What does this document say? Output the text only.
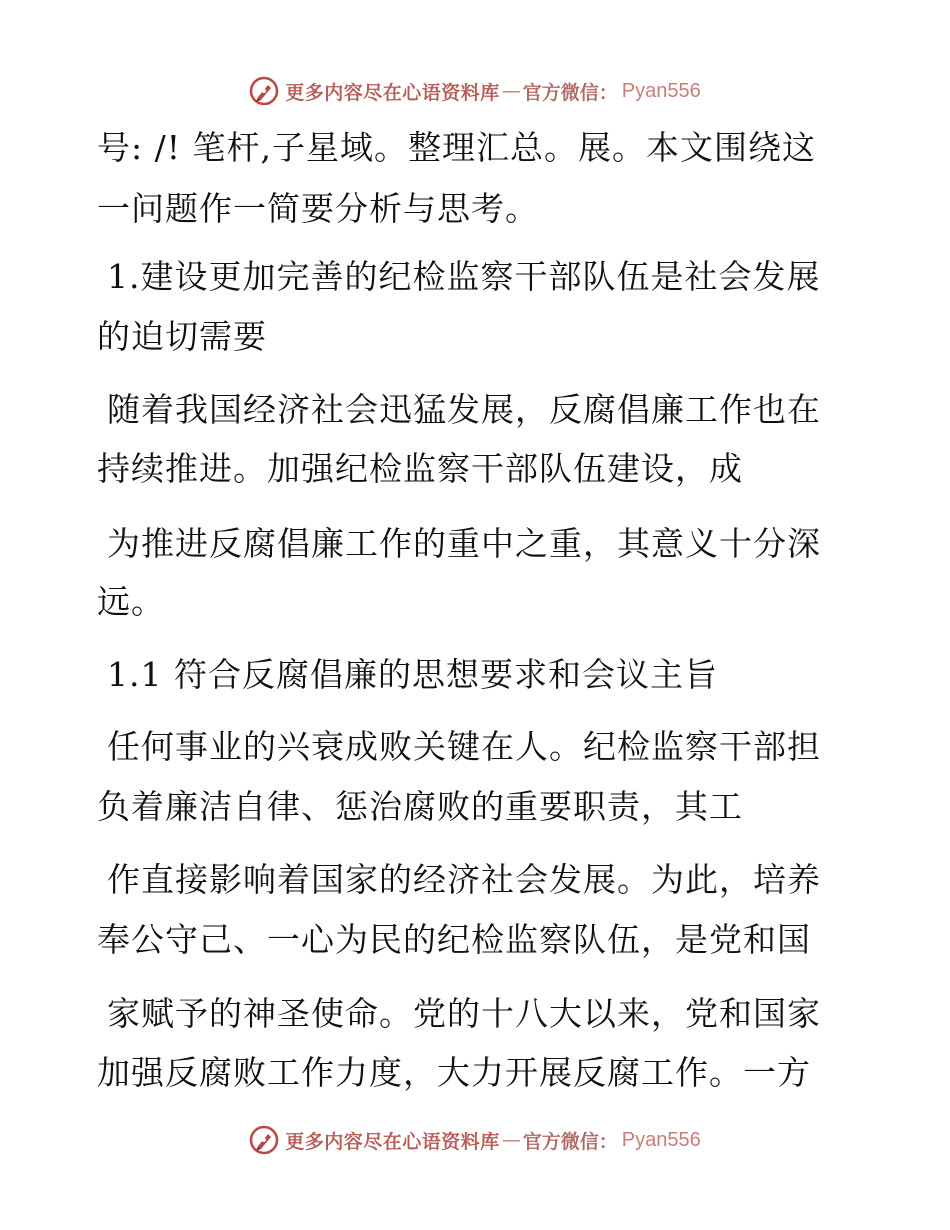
更多内容尽在心语资料库 — 官方微信： Pyan556
号: /! 笔杆,子星域。整理汇总。展。本文围绕这
一问题作一简要分析与思考。
1.建设更加完善的纪检监察干部队伍是社会发展
的迫切需要
随着我国经济社会迅猛发展，反腐倡廉工作也在
持续推进。加强纪检监察干部队伍建设，成
为推进反腐倡廉工作的重中之重，其意义十分深
远。
1.1 符合反腐倡廉的思想要求和会议主旨
任何事业的兴衰成败关键在人。纪检监察干部担
负着廉洁自律、惩治腐败的重要职责，其工
作直接影响着国家的经济社会发展。为此，培养
奉公守己、一心为民的纪检监察队伍，是党和国
家赋予的神圣使命。党的十八大以来，党和国家
加强反腐败工作力度，大力开展反腐工作。一方
更多内容尽在心语资料库 — 官方微信： Pyan556
